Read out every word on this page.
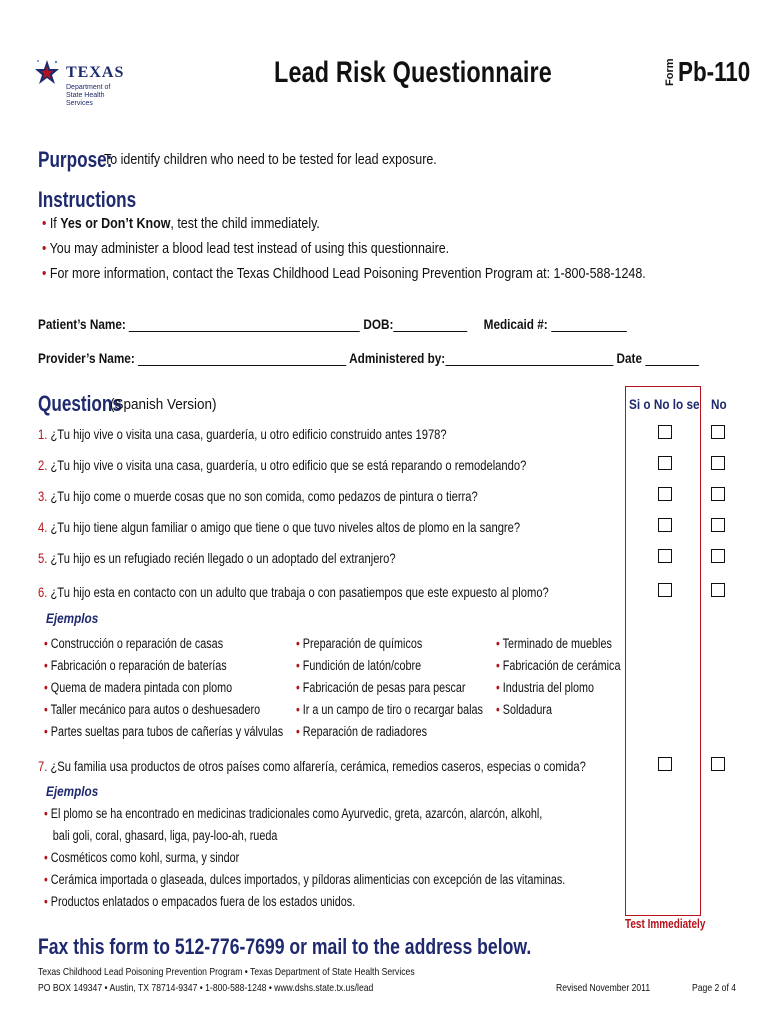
TEXAS
Department of
State Health Services
Lead Risk Questionnaire	Form Pb-110
Purpose:
To identify children who need to be tested for lead exposure.
Instructions
• If Yes or Don’t Know, test the child immediately.
• You may administer a blood lead test instead of using this questionnaire.
• For more information, contact the Texas Childhood Lead Poisoning Prevention Program at: 1-800-588-1248.
Patient’s Name:	DOB:	Medicaid #:
Provider’s Name:	Administered by:	Date
Questions
(Spanish Version)	Si o No lo se No
1. ¿Tu hijo vive o visita una casa, guardería, u otro edificio construido antes 1978?
2. ¿Tu hijo vive o visita una casa, guardería, u otro edificio que se está reparando o remodelando?
3. ¿Tu hijo come o muerde cosas que no son comida, como pedazos de pintura o tierra?
4. ¿Tu hijo tiene algun familiar o amigo que tiene o que tuvo niveles altos de plomo en la sangre?
5. ¿Tu hijo es un refugiado recién llegado o un adoptado del extranjero?
6. ¿Tu hijo esta en contacto con un adulto que trabaja o con pasatiempos que este expuesto al plomo?
7. ¿Su familia usa productos de otros países como alfarería, cerámica, remedios caseros, especias o comida?
Ejemplos
• Construcción o reparación de casas
• Fabricación o reparación de baterías
• Quema de madera pintada con plomo
• Taller mecánico para autos o deshuesadero
• Partes sueltas para tubos de cañerías y válvulas
• Preparación de químicos
• Fundición de latón/cobre
• Fabricación de pesas para pescar
• Ir a un campo de tiro o recargar balas
• Reparación de radiadores
• Terminado de muebles
• Fabricación de cerámica
• Industria del plomo
• Soldadura
Ejemplos
• El plomo se ha encontrado en medicinas tradicionales como Ayurvedic, greta, azarcón, alarcón, alkohl,
bali goli, coral, ghasard, liga, pay-loo-ah, rueda
• Cosméticos como kohl, surma, y sindor
• Cerámica importada o glaseada, dulces importados, y píldoras alimenticias con excepción de las vitaminas.
• Productos enlatados o empacados fuera de los estados unidos.
Test Immediately
Fax this form to 512-776-7699 or mail to the address below.
Texas Childhood Lead Poisoning Prevention Program • Texas Department of State Health Services
PO BOX 149347 • Austin, TX 78714-9347 • 1-800-588-1248 • www.dshs.state.tx.us/lead	Revised November 2011	Page 2 of 4
